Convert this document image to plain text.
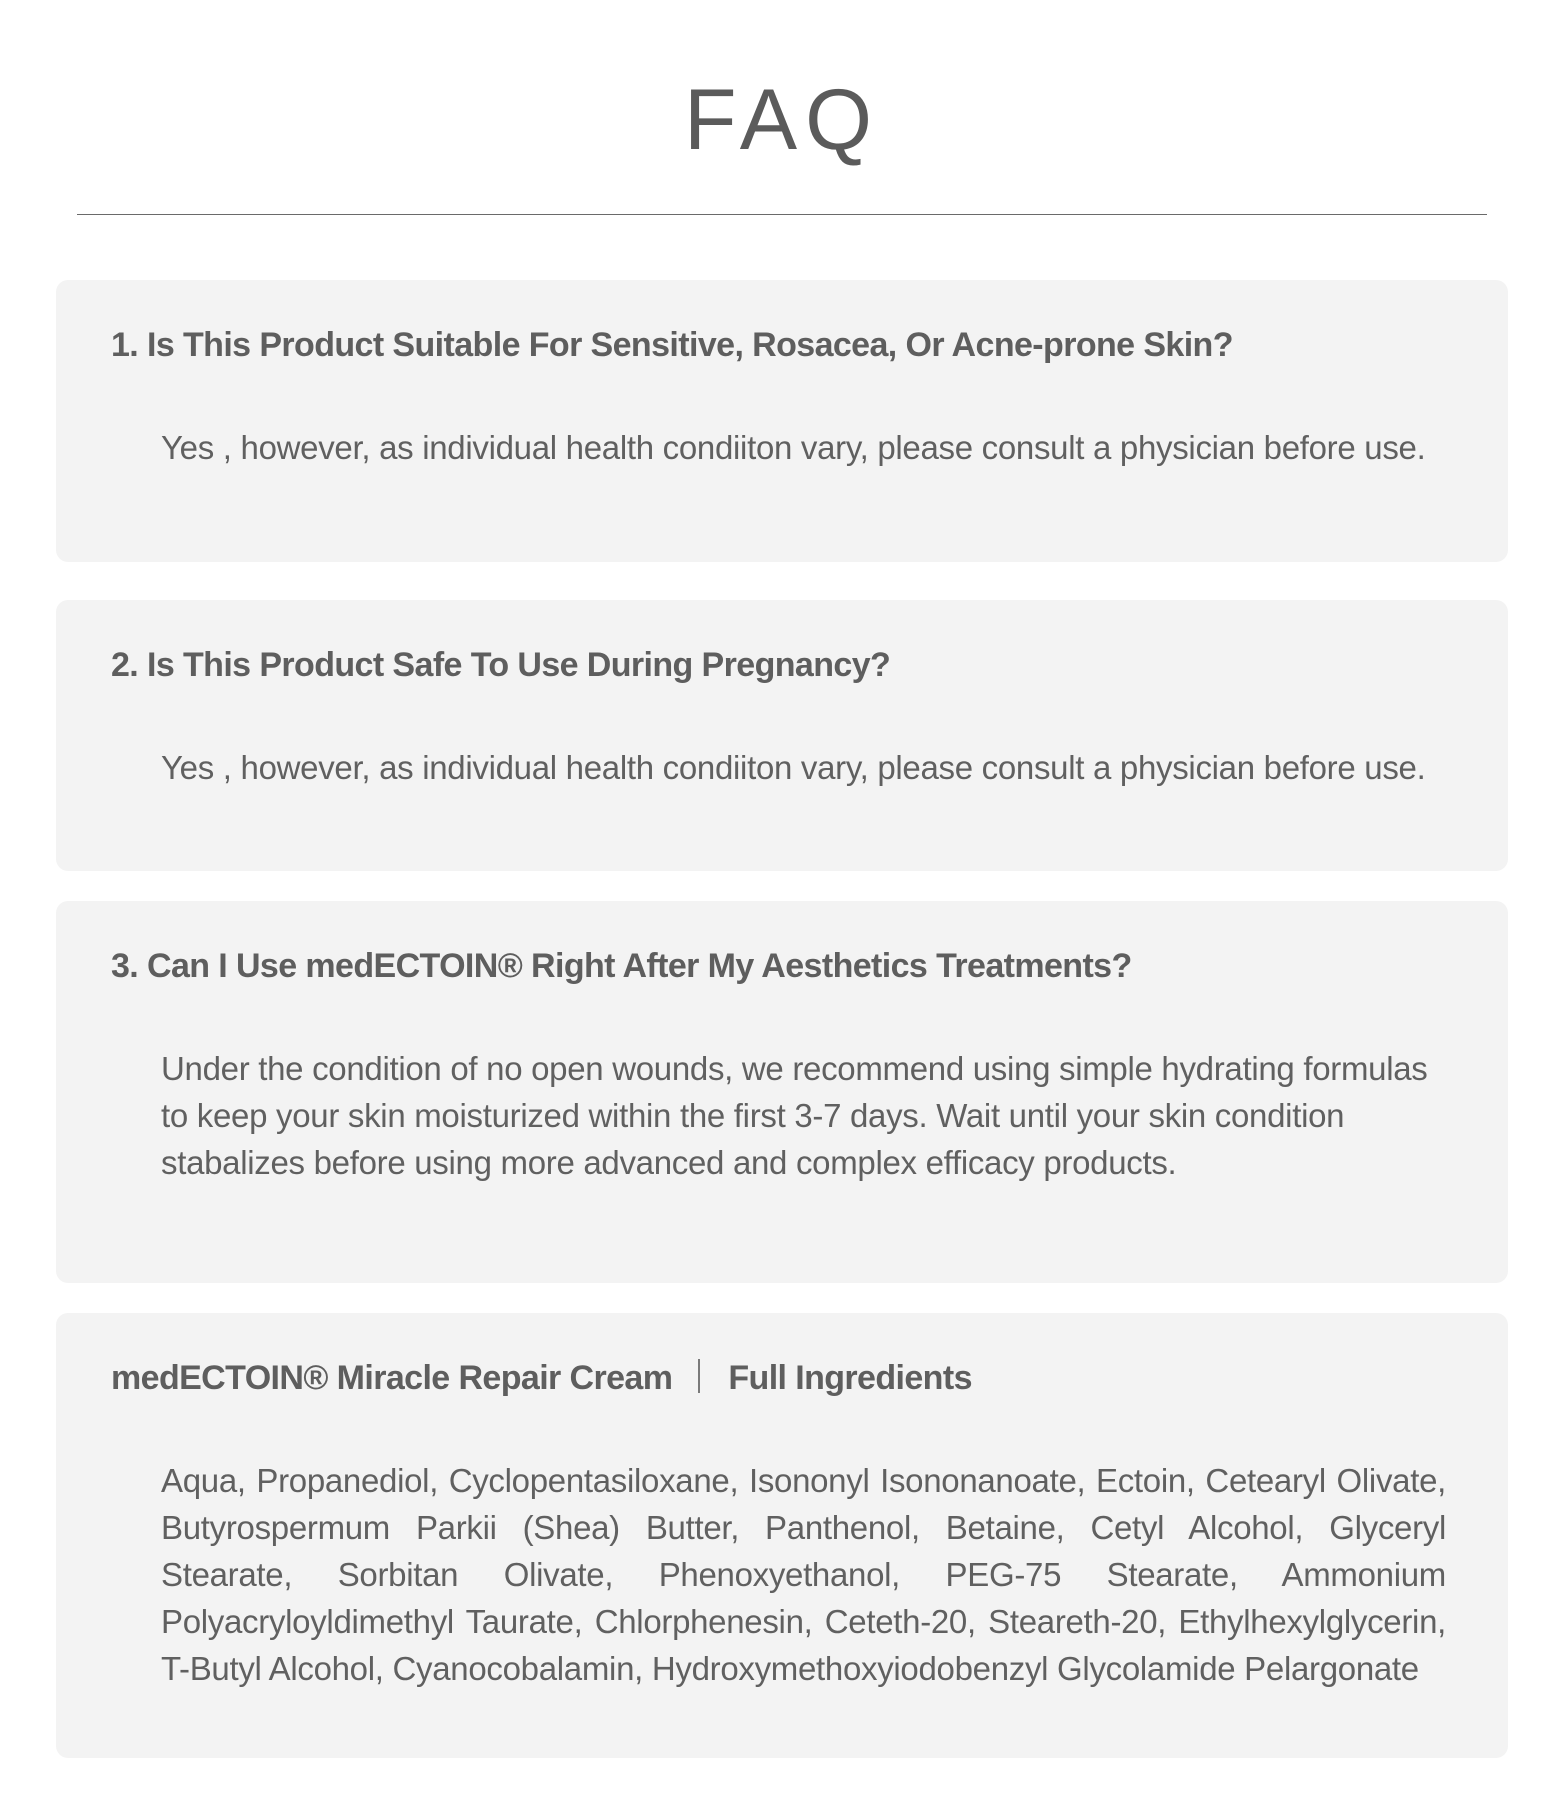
FAQ
1. Is This Product Suitable For Sensitive, Rosacea, Or Acne-prone Skin?
Yes , however, as individual health condiiton vary, please consult a physician before use.
2. Is This Product Safe To Use During Pregnancy?
Yes , however, as individual health condiiton vary, please consult a physician before use.
3. Can I Use medECTOIN® Right After My Aesthetics Treatments?
Under the condition of no open wounds, we recommend using simple hydrating formulas to keep your skin moisturized within the first 3-7 days. Wait until your skin condition stabalizes before using more advanced and complex efficacy products.
medECTOIN® Miracle Repair Cream Full Ingredients
Aqua, Propanediol, Cyclopentasiloxane, Isononyl Isononanoate, Ectoin, Cetearyl Olivate, Butyrospermum Parkii (Shea) Butter, Panthenol, Betaine, Cetyl Alcohol, Glyceryl Stearate, Sorbitan Olivate, Phenoxyethanol, PEG-75 Stearate, Ammonium Polyacryloyldimethyl Taurate, Chlorphenesin, Ceteth-20, Steareth-20, Ethylhexylglycerin, T-Butyl Alcohol, Cyanocobalamin, Hydroxymethoxyiodobenzyl Glycolamide Pelargonate
